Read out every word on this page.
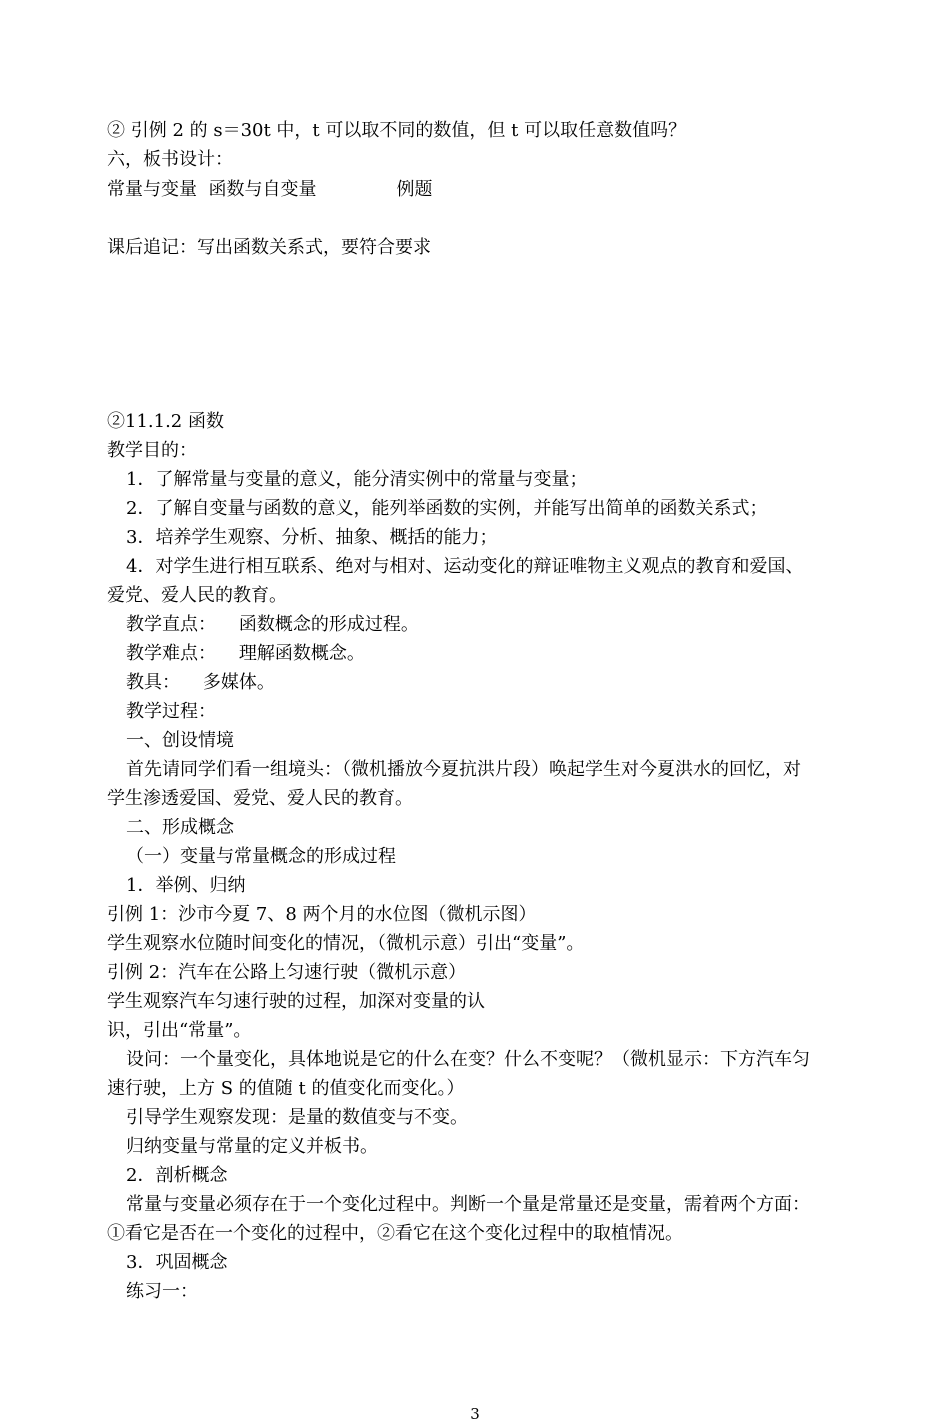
② 引例 2 的 s＝30t 中，t 可以取不同的数值，但 t 可以取任意数值吗？
六，板书设计：
常量与变量  函数与自变量              例题
课后追记：写出函数关系式，要符合要求
②11.1.2 函数
教学目的：
1．了解常量与变量的意义，能分清实例中的常量与变量；
2．了解自变量与函数的意义，能列举函数的实例，并能写出简单的函数关系式；
3．培养学生观察、分析、抽象、概括的能力；
4．对学生进行相互联系、绝对与相对、运动变化的辩证唯物主义观点的教育和爱国、
爱党、爱人民的教育。
教学直点：    函数概念的形成过程。
教学难点：    理解函数概念。
教具：    多媒体。
教学过程：
一、创设情境
首先请同学们看一组境头：（微机播放今夏抗洪片段）唤起学生对今夏洪水的回忆，对
学生渗透爱国、爱党、爱人民的教育。
二、形成概念
（一）变量与常量概念的形成过程
1．举例、归纳
引例 1：沙市今夏 7、8 两个月的水位图（微机示图）
学生观察水位随时间变化的情况，（微机示意）引出“变量”。
引例 2：汽车在公路上匀速行驶（微机示意）
学生观察汽车匀速行驶的过程，加深对变量的认
识，引出“常量”。
设问：一个量变化，具体地说是它的什么在变？什么不变呢？（微机显示：下方汽车匀
速行驶，上方 S 的值随 t 的值变化而变化。）
引导学生观察发现：是量的数值变与不变。
归纳变量与常量的定义并板书。
2．剖析概念
常量与变量必须存在于一个变化过程中。判断一个量是常量还是变量，需着两个方面：
①看它是否在一个变化的过程中，②看它在这个变化过程中的取植情况。
3．巩固概念
练习一：
3
